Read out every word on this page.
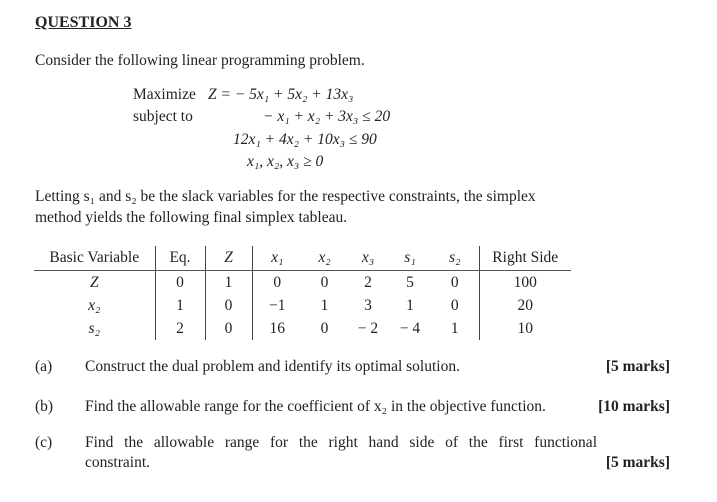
QUESTION 3
Consider the following linear programming problem.
Maximize Z = − 5x₁ + 5x₂ + 13x₃
subject to	− x₁ + x₂ + 3x₃ ≤ 20
12x₁ + 4x₂ + 10x₃ ≤ 90
x₁, x₂, x₃ ≥ 0
Letting s₁ and s₂ be the slack variables for the respective constraints, the simplex
method yields the following final simplex tableau.
Basic Variable	Eq.	Z	x₁	x₂	x₃	s₁	s₂	Right Side
Z	0	1	0	0	2	5	0	100
x₂	1	0	−1	1	3	1	0	20
s₂	2	0	16	0	− 2	− 4	1	10
(a) Construct the dual problem and identify its optimal solution.	[5 marks]
(b) Find the allowable range for the coefficient of x₂ in the objective function.	[10 marks]
(c) Find the allowable range for the right hand side of the first functional
constraint.	[5 marks]
